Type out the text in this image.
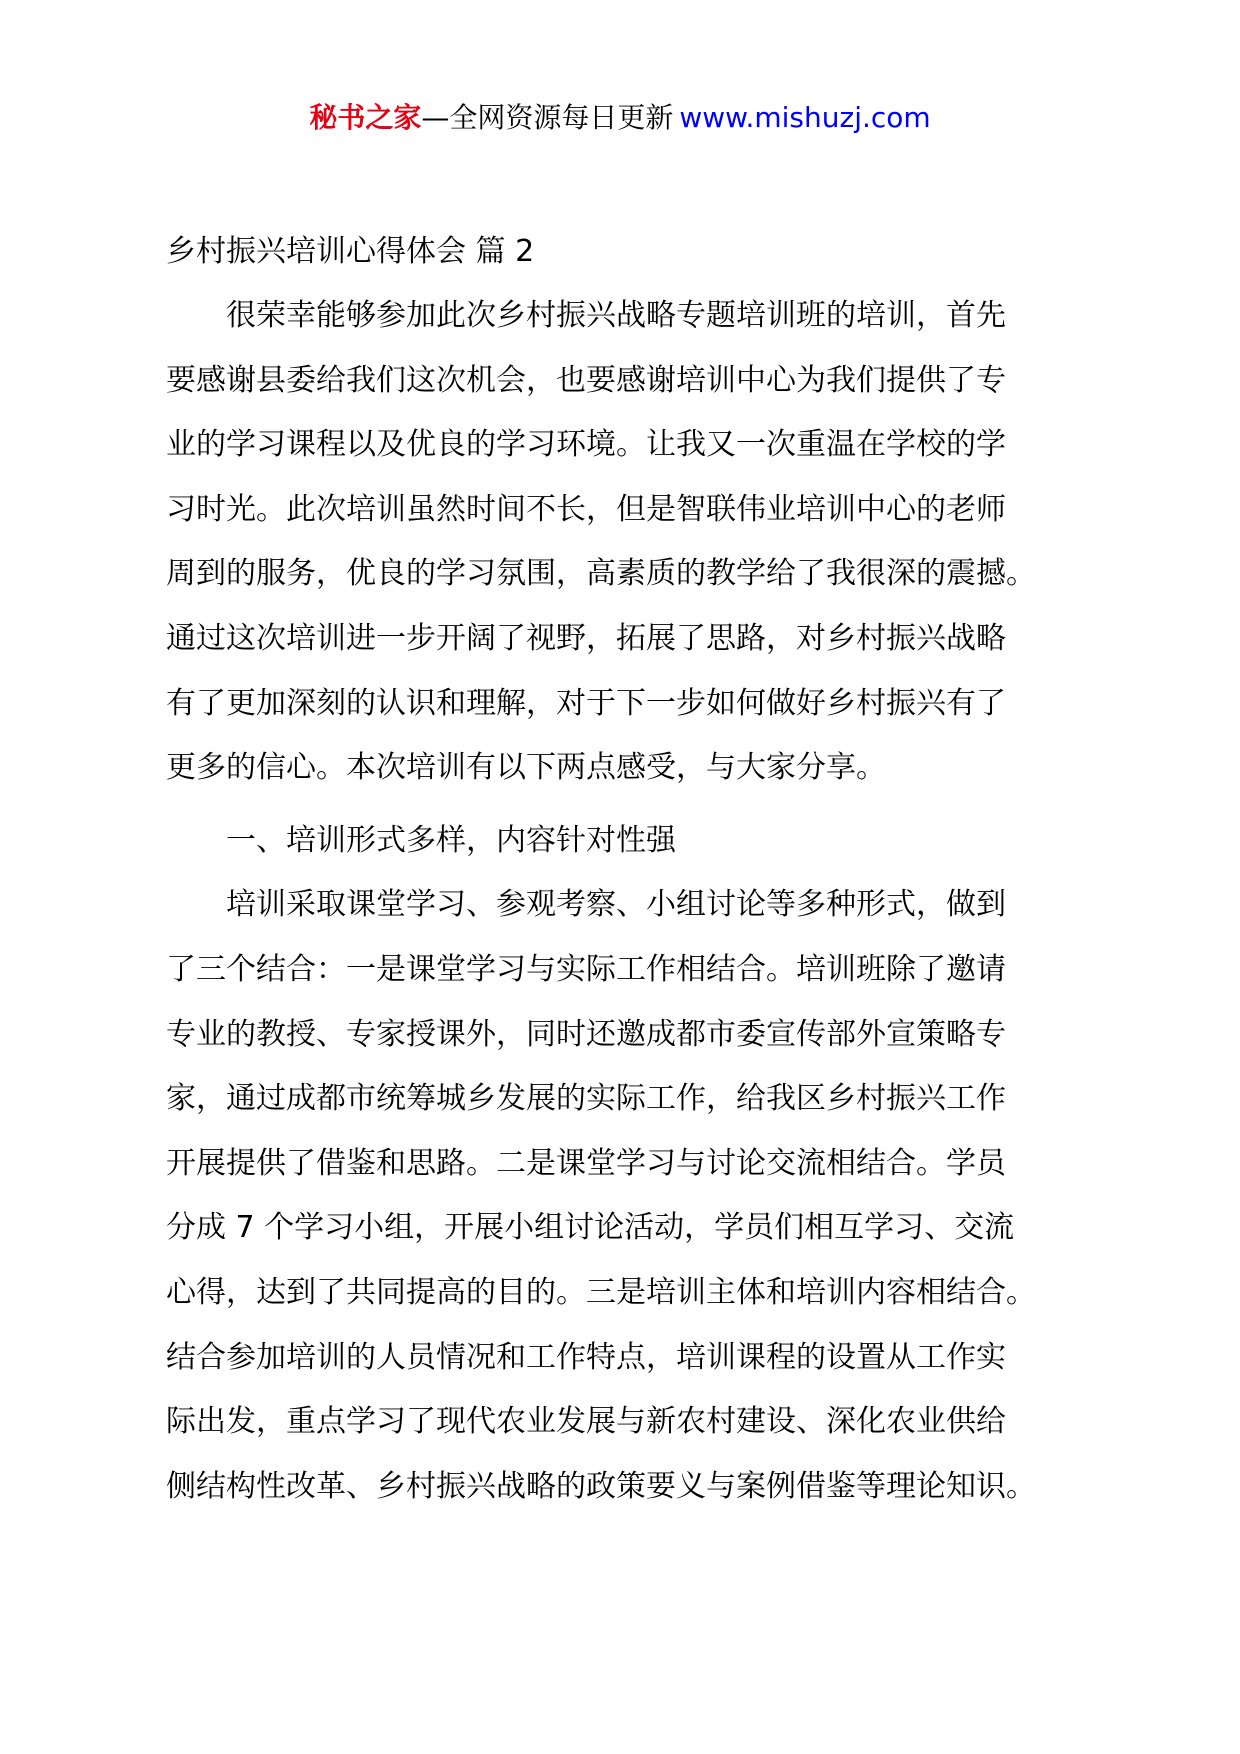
秘书之家—全网资源每日更新 www.mishuzj.com
乡村振兴培训心得体会 篇 2

很荣幸能够参加此次乡村振兴战略专题培训班的培训，首先
要感谢县委给我们这次机会，也要感谢培训中心为我们提供了专
业的学习课程以及优良的学习环境。让我又一次重温在学校的学
习时光。此次培训虽然时间不长，但是智联伟业培训中心的老师
周到的服务，优良的学习氛围，高素质的教学给了我很深的震撼。
通过这次培训进一步开阔了视野，拓展了思路，对乡村振兴战略
有了更加深刻的认识和理解，对于下一步如何做好乡村振兴有了
更多的信心。本次培训有以下两点感受，与大家分享。

一、培训形式多样，内容针对性强

培训采取课堂学习、参观考察、小组讨论等多种形式，做到
了三个结合：一是课堂学习与实际工作相结合。培训班除了邀请
专业的教授、专家授课外，同时还邀成都市委宣传部外宣策略专
家，通过成都市统筹城乡发展的实际工作，给我区乡村振兴工作
开展提供了借鉴和思路。二是课堂学习与讨论交流相结合。学员
分成 7 个学习小组，开展小组讨论活动，学员们相互学习、交流
心得，达到了共同提高的目的。三是培训主体和培训内容相结合。
结合参加培训的人员情况和工作特点，培训课程的设置从工作实
际出发，重点学习了现代农业发展与新农村建设、深化农业供给
侧结构性改革、乡村振兴战略的政策要义与案例借鉴等理论知识。
